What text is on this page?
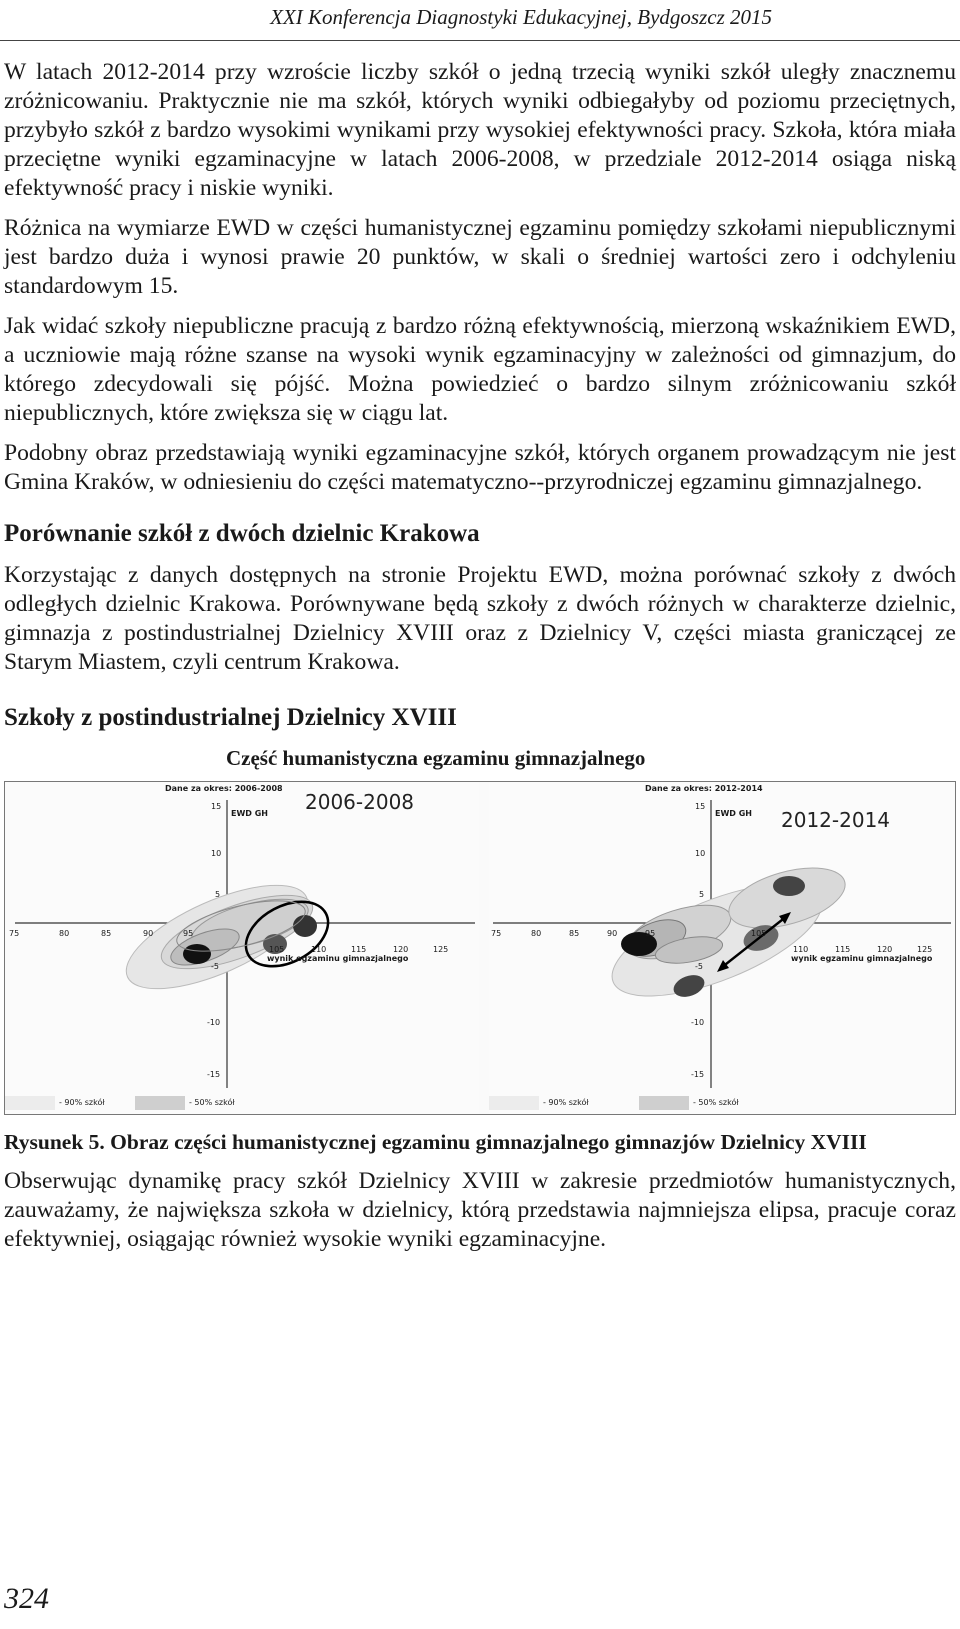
XXI Konferencja Diagnostyki Edukacyjnej, Bydgoszcz 2015

W latach 2012-2014 przy wzroście liczby szkół o jedną trzecią wyniki szkół uległy znacznemu zróżnicowaniu. Praktycznie nie ma szkół, których wyniki odbiegałyby od poziomu przeciętnych, przybyło szkół z bardzo wysokimi wynikami przy wysokiej efektywności pracy. Szkoła, która miała przeciętne wyniki egzaminacyjne w latach 2006-2008, w przedziale 2012-2014 osiąga niską efektywność pracy i niskie wyniki.

Różnica na wymiarze EWD w części humanistycznej egzaminu pomiędzy szkołami niepublicznymi jest bardzo duża i wynosi prawie 20 punktów, w skali o średniej wartości zero i odchyleniu standardowym 15.

Jak widać szkoły niepubliczne pracują z bardzo różną efektywnością, mierzoną wskaźnikiem EWD, a uczniowie mają różne szanse na wysoki wynik egzaminacyjny w zależności od gimnazjum, do którego zdecydowali się pójść. Można powiedzieć o bardzo silnym zróżnicowaniu szkół niepublicznych, które zwiększa się w ciągu lat.

Podobny obraz przedstawiają wyniki egzaminacyjne szkół, których organem prowadzącym nie jest Gmina Kraków, w odniesieniu do części matematyczno--przyrodniczej egzaminu gimnazjalnego.

Porównanie szkół z dwóch dzielnic Krakowa

Korzystając z danych dostępnych na stronie Projektu EWD, można porównać szkoły z dwóch odległych dzielnic Krakowa. Porównywane będą szkoły z dwóch różnych w charakterze dzielnic, gimnazja z postindustrialnej Dzielnicy XVIII oraz z Dzielnicy V, części miasta graniczącej ze Starym Miastem, czyli centrum Krakowa.

Szkoły z postindustrialnej Dzielnicy XVIII
Część humanistyczna egzaminu gimnazjalnego
2006-2008
Dane za okres: 2006-2008
EWD GH
wynik egzaminu gimnazjalnego
15
10
5
-5
-10
-15
75	80	85	90	95
105	110	115	120	125
- 90% szkół	- 50% szkół
2012-2014
Dane za okres: 2012-2014
EWD GH
wynik egzaminu gimnazjalnego
15
10
5
-5
-10
-15
75	80	85	90	95	105
110	115	120	125
- 90% szkół	- 50% szkół
Rysunek 5. Obraz części humanistycznej egzaminu gimnazjalnego gimnazjów Dzielnicy XVIII

Obserwując dynamikę pracy szkół Dzielnicy XVIII w zakresie przedmiotów humanistycznych, zauważamy, że największa szkoła w dzielnicy, którą przedstawia najmniejsza elipsa, pracuje coraz efektywniej, osiągając również wysokie wyniki egzaminacyjne.

324
